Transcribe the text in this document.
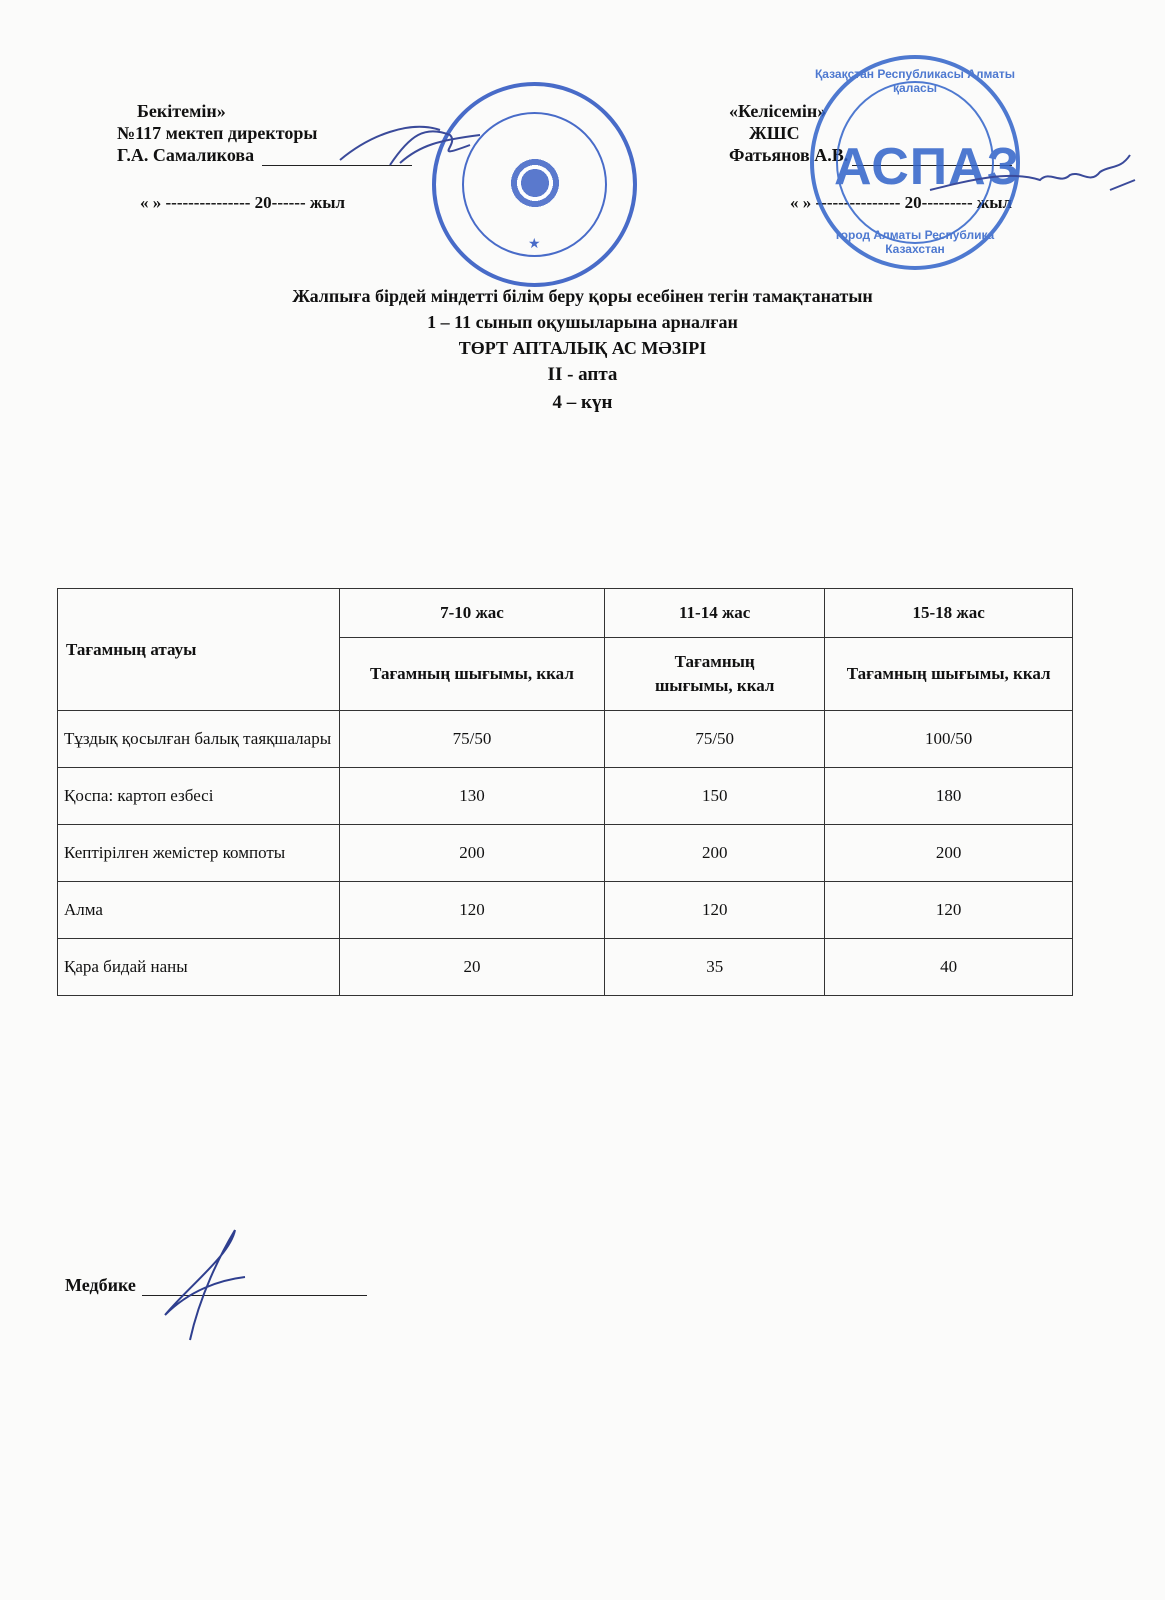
Бекітемін»
№117 мектеп директоры
Г.А. Самаликова
« » --------------- 20------ жыл
★
«Келісемін»
ЖШС
Фатьянов А.В.
« » --------------- 20--------- жыл
Қазақстан Республикасы Алматы қаласы
АСПАЗ
город Алматы Республика Казахстан
Жалпыға бірдей міндетті білім беру қоры есебінен тегін тамақтанатын
1 – 11 сынып оқушыларына арналған
ТӨРТ АПТАЛЫҚ АС МӘЗІРІ
II - апта
4 – күн
Тағамның атауы	7-10 жас	11-14 жас	15-18 жас
	Тағамның шығымы, ккал	Тағамның шығымы, ккал	Тағамның шығымы, ккал
Тұздық қосылған балық таяқшалары	75/50	75/50	100/50
Қоспа: картоп езбесі	130	150	180
Кептірілген жемістер компоты	200	200	200
Алма	120	120	120
Қара бидай наны	20	35	40
Медбике
